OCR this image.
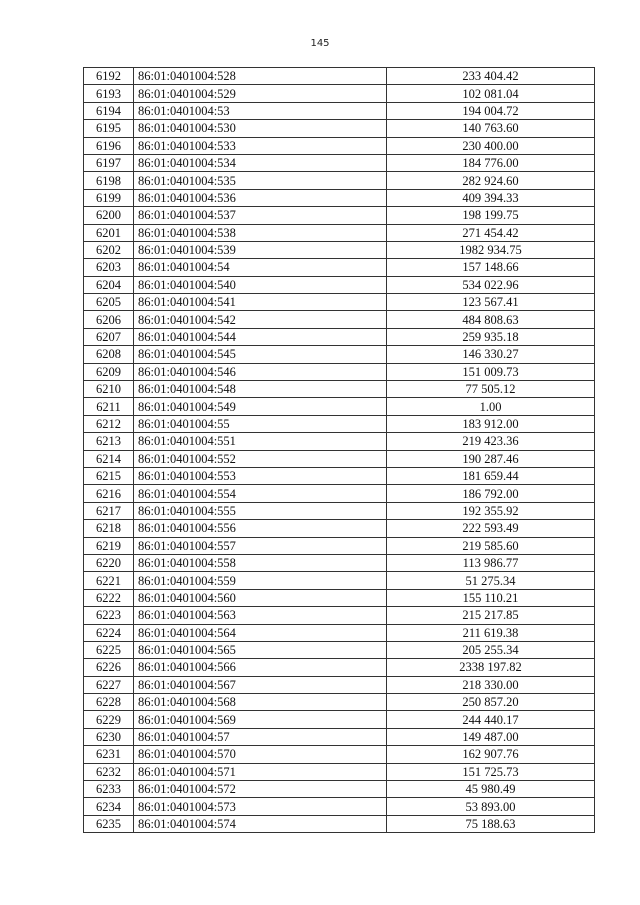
145
6192	86:01:0401004:528	233 404.42
6193	86:01:0401004:529	102 081.04
6194	86:01:0401004:53	194 004.72
6195	86:01:0401004:530	140 763.60
6196	86:01:0401004:533	230 400.00
6197	86:01:0401004:534	184 776.00
6198	86:01:0401004:535	282 924.60
6199	86:01:0401004:536	409 394.33
6200	86:01:0401004:537	198 199.75
6201	86:01:0401004:538	271 454.42
6202	86:01:0401004:539	1982 934.75
6203	86:01:0401004:54	157 148.66
6204	86:01:0401004:540	534 022.96
6205	86:01:0401004:541	123 567.41
6206	86:01:0401004:542	484 808.63
6207	86:01:0401004:544	259 935.18
6208	86:01:0401004:545	146 330.27
6209	86:01:0401004:546	151 009.73
6210	86:01:0401004:548	77 505.12
6211	86:01:0401004:549	1.00
6212	86:01:0401004:55	183 912.00
6213	86:01:0401004:551	219 423.36
6214	86:01:0401004:552	190 287.46
6215	86:01:0401004:553	181 659.44
6216	86:01:0401004:554	186 792.00
6217	86:01:0401004:555	192 355.92
6218	86:01:0401004:556	222 593.49
6219	86:01:0401004:557	219 585.60
6220	86:01:0401004:558	113 986.77
6221	86:01:0401004:559	51 275.34
6222	86:01:0401004:560	155 110.21
6223	86:01:0401004:563	215 217.85
6224	86:01:0401004:564	211 619.38
6225	86:01:0401004:565	205 255.34
6226	86:01:0401004:566	2338 197.82
6227	86:01:0401004:567	218 330.00
6228	86:01:0401004:568	250 857.20
6229	86:01:0401004:569	244 440.17
6230	86:01:0401004:57	149 487.00
6231	86:01:0401004:570	162 907.76
6232	86:01:0401004:571	151 725.73
6233	86:01:0401004:572	45 980.49
6234	86:01:0401004:573	53 893.00
6235	86:01:0401004:574	75 188.63
